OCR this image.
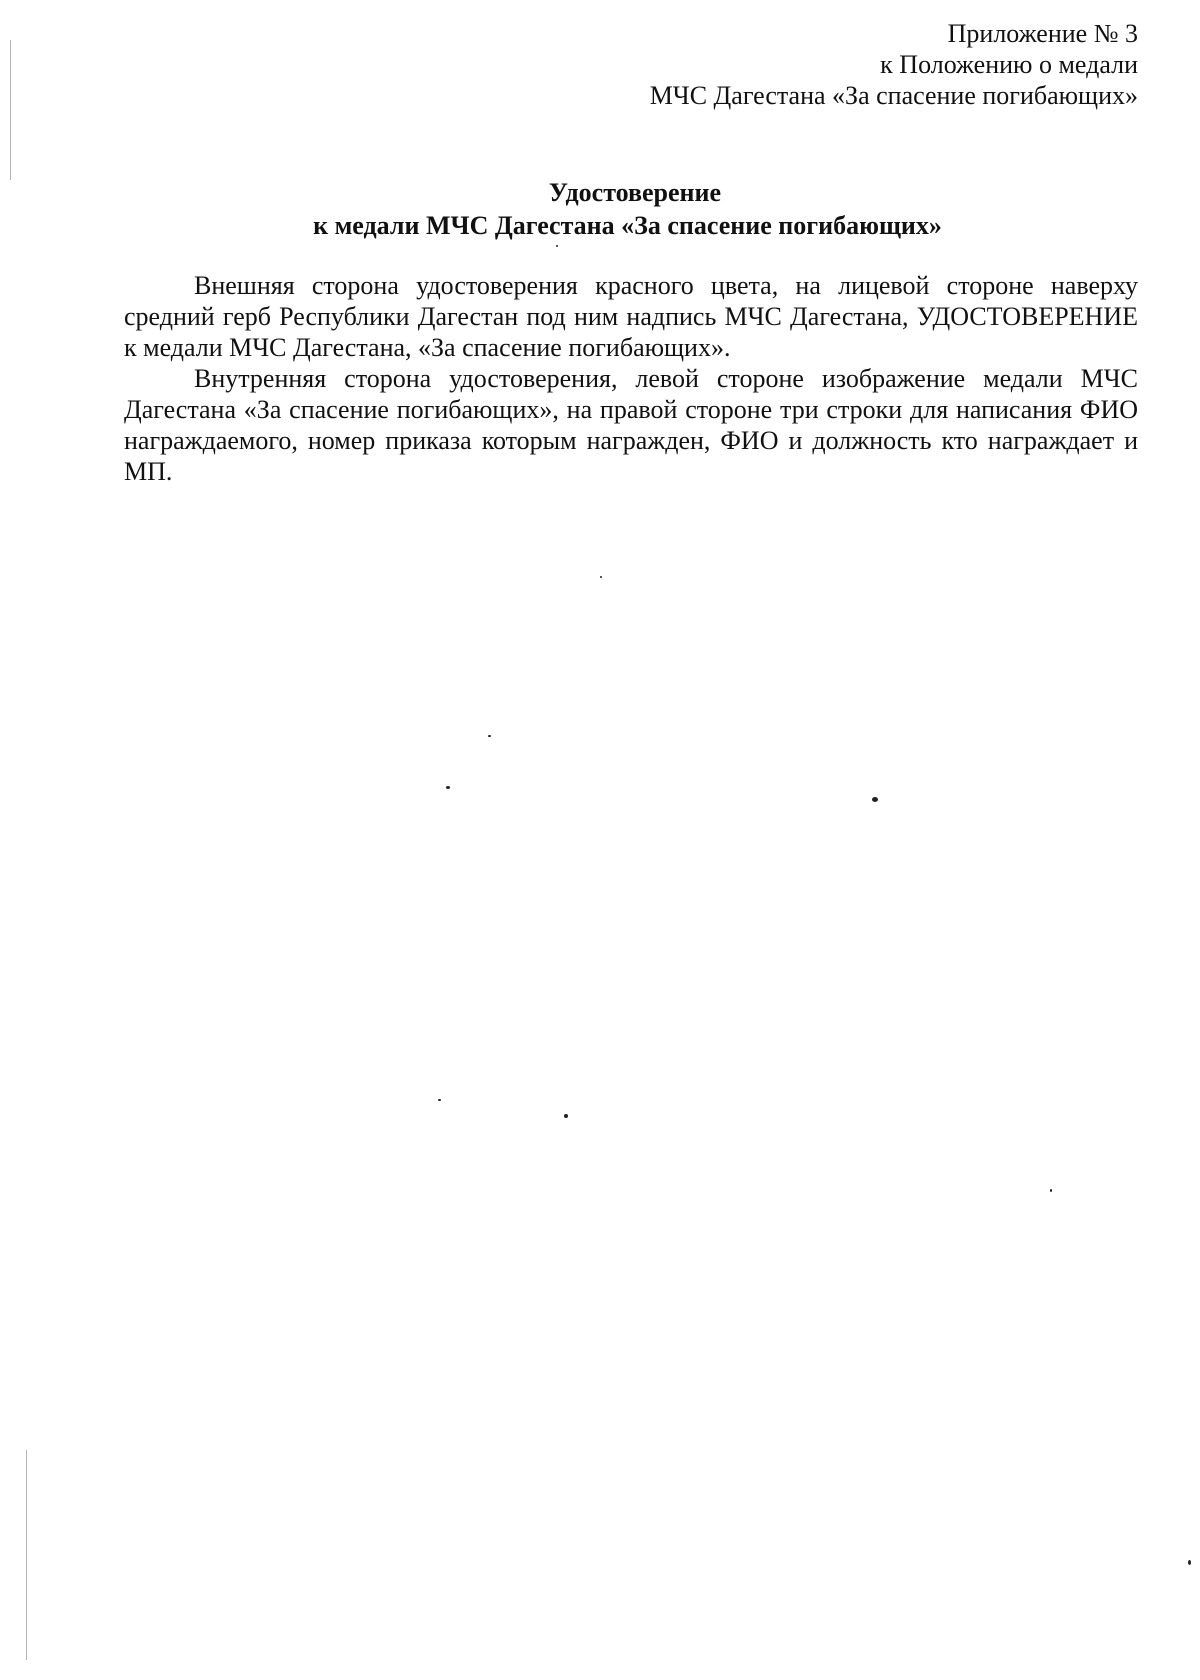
Приложение № 3
к Положению о медали
МЧС Дагестана «За спасение погибающих»
Удостоверение
к медали МЧС Дагестана «За спасение погибающих»

Внешняя сторона удостоверения красного цвета, на лицевой стороне наверху средний герб Республики Дагестан под ним надпись МЧС Дагестана, УДОСТОВЕРЕНИЕ к медали МЧС Дагестана, «За спасение погибающих».

Внутренняя сторона удостоверения, левой стороне изображение медали МЧС Дагестана «За спасение погибающих», на правой стороне три строки для написания ФИО награждаемого, номер приказа которым награжден, ФИО и должность кто награждает и МП.
